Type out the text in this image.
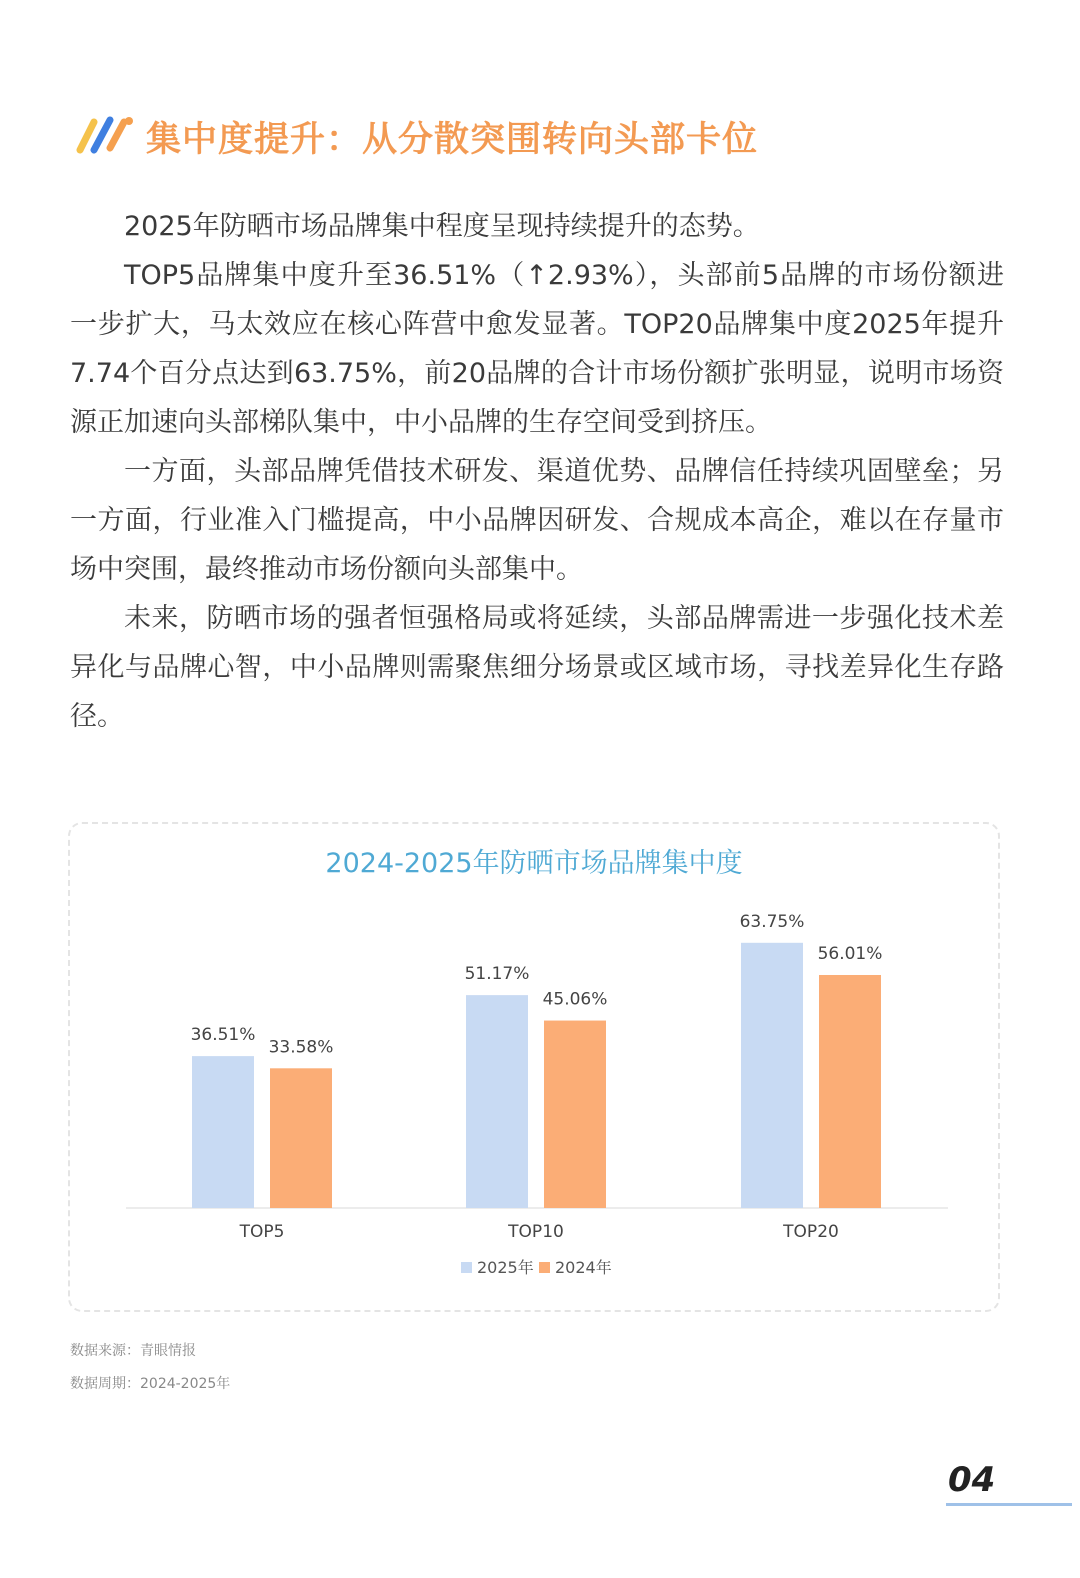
集中度提升：从分散突围转向头部卡位

2025年防晒市场品牌集中程度呈现持续提升的态势。

TOP5品牌集中度升至36.51%（↑2.93%），头部前5品牌的市场份额进一步扩大，马太效应在核心阵营中愈发显著。TOP20品牌集中度2025年提升7.74个百分点达到63.75%，前20品牌的合计市场份额扩张明显，说明市场资源正加速向头部梯队集中，中小品牌的生存空间受到挤压。

一方面，头部品牌凭借技术研发、渠道优势、品牌信任持续巩固壁垒；另一方面，行业准入门槛提高，中小品牌因研发、合规成本高企，难以在存量市场中突围，最终推动市场份额向头部集中。

未来，防晒市场的强者恒强格局或将延续，头部品牌需进一步强化技术差异化与品牌心智，中小品牌则需聚焦细分场景或区域市场，寻找差异化生存路径。

2024-2025年防晒市场品牌集中度
36.51%
33.58%
TOP5
51.17%
45.06%
TOP10
63.75%
56.01%
TOP20
2025年 2024年
数据来源：青眼情报
数据周期：2024-2025年
04
